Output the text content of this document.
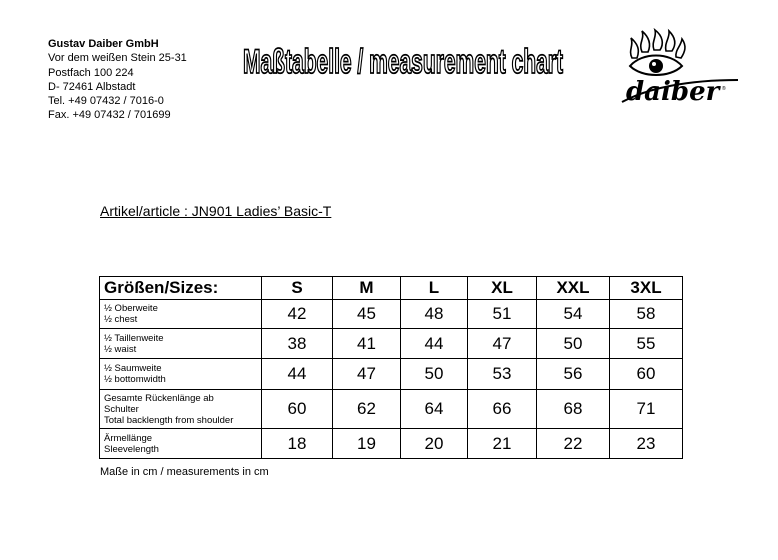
Gustav Daiber GmbH
Vor dem weißen Stein 25-31
Postfach 100 224
D- 72461 Albstadt
Tel. +49 07432 / 7016-0
Fax. +49 07432 / 701699
Maßtabelle / measurement chart
daiber ®
Artikel/article : JN901 Ladies’ Basic-T
Größen/Sizes:	S	M	L	XL	XXL	3XL

½ Oberweite
½ chest	42	45	48	51	54	58

½ Taillenweite
½ waist	38	41	44	47	50	55

½ Saumweite
½ bottomwidth	44	47	50	53	56	60

Gesamte Rückenlänge ab
Schulter
Total backlength from shoulder	60	62	64	66	68	71

Ärmellänge
Sleevelength	18	19	20	21	22	23
Maße in cm / measurements in cm
